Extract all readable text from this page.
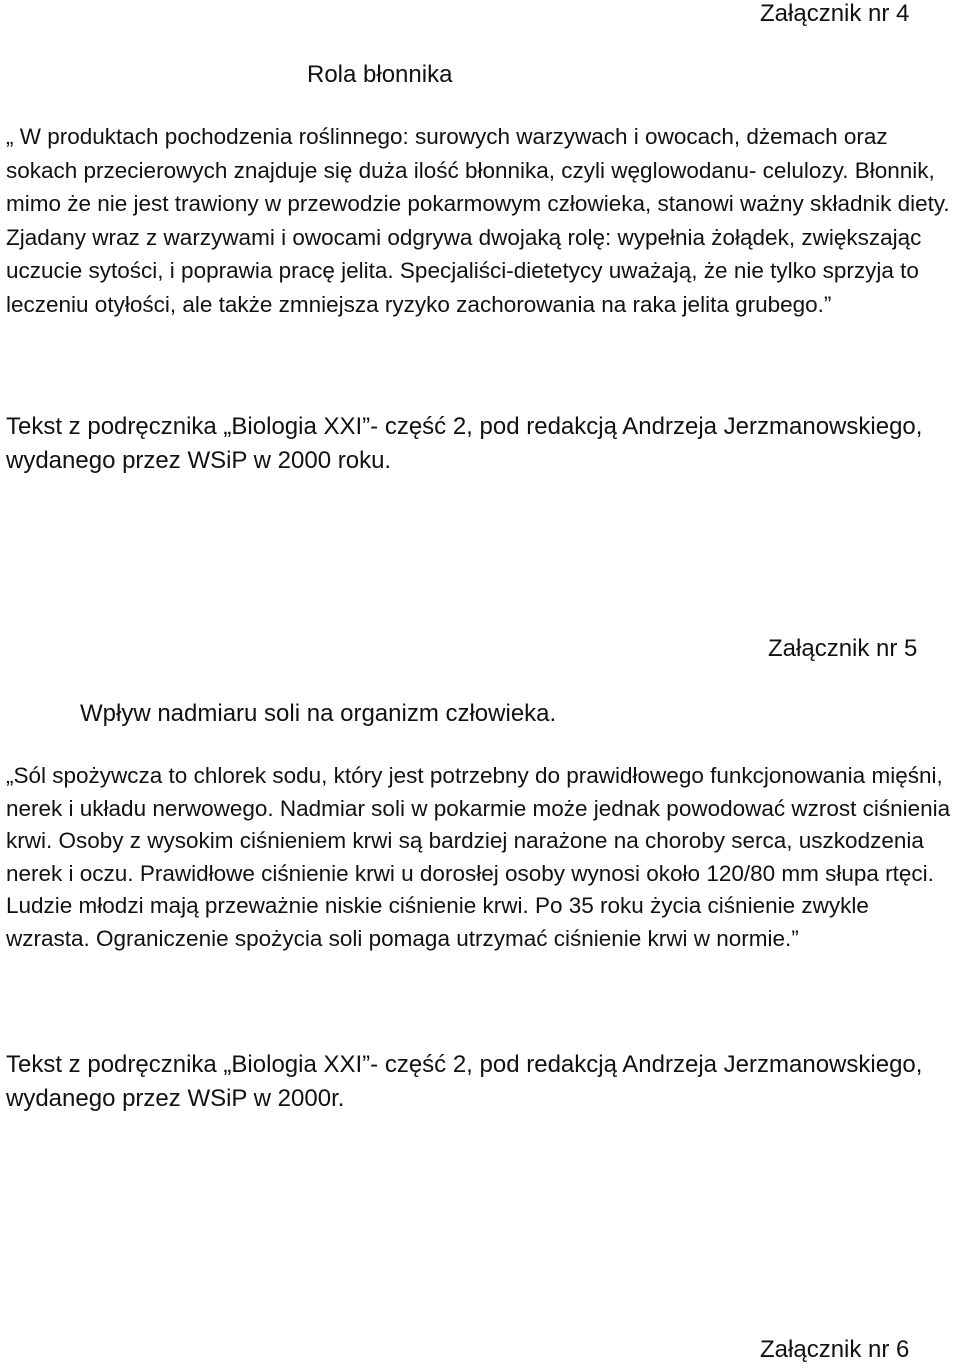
Załącznik nr 4
Rola błonnika

„ W produktach pochodzenia roślinnego: surowych warzywach i owocach, dżemach oraz sokach przecierowych znajduje się duża ilość błonnika, czyli węglowodanu- celulozy. Błonnik, mimo że nie jest trawiony w przewodzie pokarmowym człowieka, stanowi ważny składnik diety. Zjadany wraz z warzywami i owocami odgrywa dwojaką rolę: wypełnia żołądek, zwiększając uczucie sytości, i poprawia pracę jelita. Specjaliści-dietetycy uważają, że nie tylko sprzyja to leczeniu otyłości, ale także zmniejsza ryzyko zachorowania na raka jelita grubego.”

Tekst z podręcznika „Biologia XXI”- część 2, pod redakcją Andrzeja Jerzmanowskiego, wydanego przez WSiP w 2000 roku.

Załącznik nr 5
Wpływ nadmiaru soli na organizm człowieka.

„Sól spożywcza to chlorek sodu, który jest potrzebny do prawidłowego funkcjonowania mięśni, nerek i układu nerwowego. Nadmiar soli w pokarmie może jednak powodować wzrost ciśnienia krwi. Osoby z wysokim ciśnieniem krwi są bardziej narażone na choroby serca, uszkodzenia nerek i oczu. Prawidłowe ciśnienie krwi u dorosłej osoby wynosi około 120/80 mm słupa rtęci. Ludzie młodzi mają przeważnie niskie ciśnienie krwi. Po 35 roku życia ciśnienie zwykle wzrasta. Ograniczenie spożycia soli pomaga utrzymać ciśnienie krwi w normie.”

Tekst z podręcznika „Biologia XXI”- część 2, pod redakcją Andrzeja Jerzmanowskiego, wydanego przez WSiP w 2000r.

Załącznik nr 6
